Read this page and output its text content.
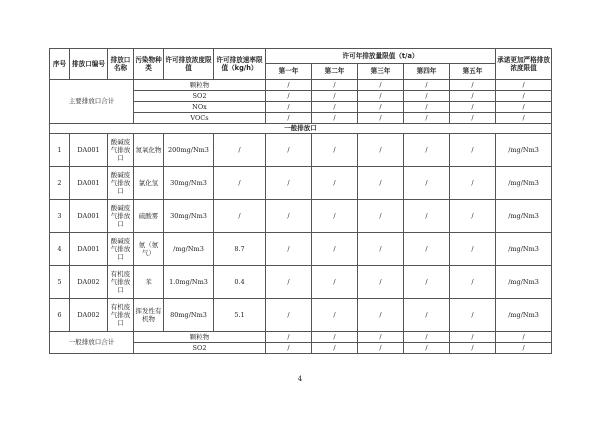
序号	排放口编号	排放口名称	污染物种类	许可排放浓度限值	许可排放速率限值（kg/h）	许可年排放量限值（t/a）					承诺更加严格排放浓度限值
						第一年	第二年	第三年	第四年	第五年	
主要排放口合计			颗粒物			/	/	/	/	/	/
			SO2			/	/	/	/	/	/
			NOx			/	/	/	/	/	/
			VOCs			/	/	/	/	/	/
一般排放口											
1	DA001	酸碱废气排放口	氮氧化物	200mg/Nm3	/	/	/	/	/	/	/mg/Nm3
2	DA001	酸碱废气排放口	氯化氢	30mg/Nm3	/	/	/	/	/	/	/mg/Nm3
3	DA001	酸碱废气排放口	硫酸雾	30mg/Nm3	/	/	/	/	/	/	/mg/Nm3
4	DA001	酸碱废气排放口	氨（氨气）	/mg/Nm3	8.7	/	/	/	/	/	/mg/Nm3
5	DA002	有机废气排放口	苯	1.0mg/Nm3	0.4	/	/	/	/	/	/mg/Nm3
6	DA002	有机废气排放口	挥发性有机物	80mg/Nm3	5.1	/	/	/	/	/	/mg/Nm3
一般排放口合计			颗粒物			/	/	/	/	/	/
			SO2			/	/	/	/	/	/
4
